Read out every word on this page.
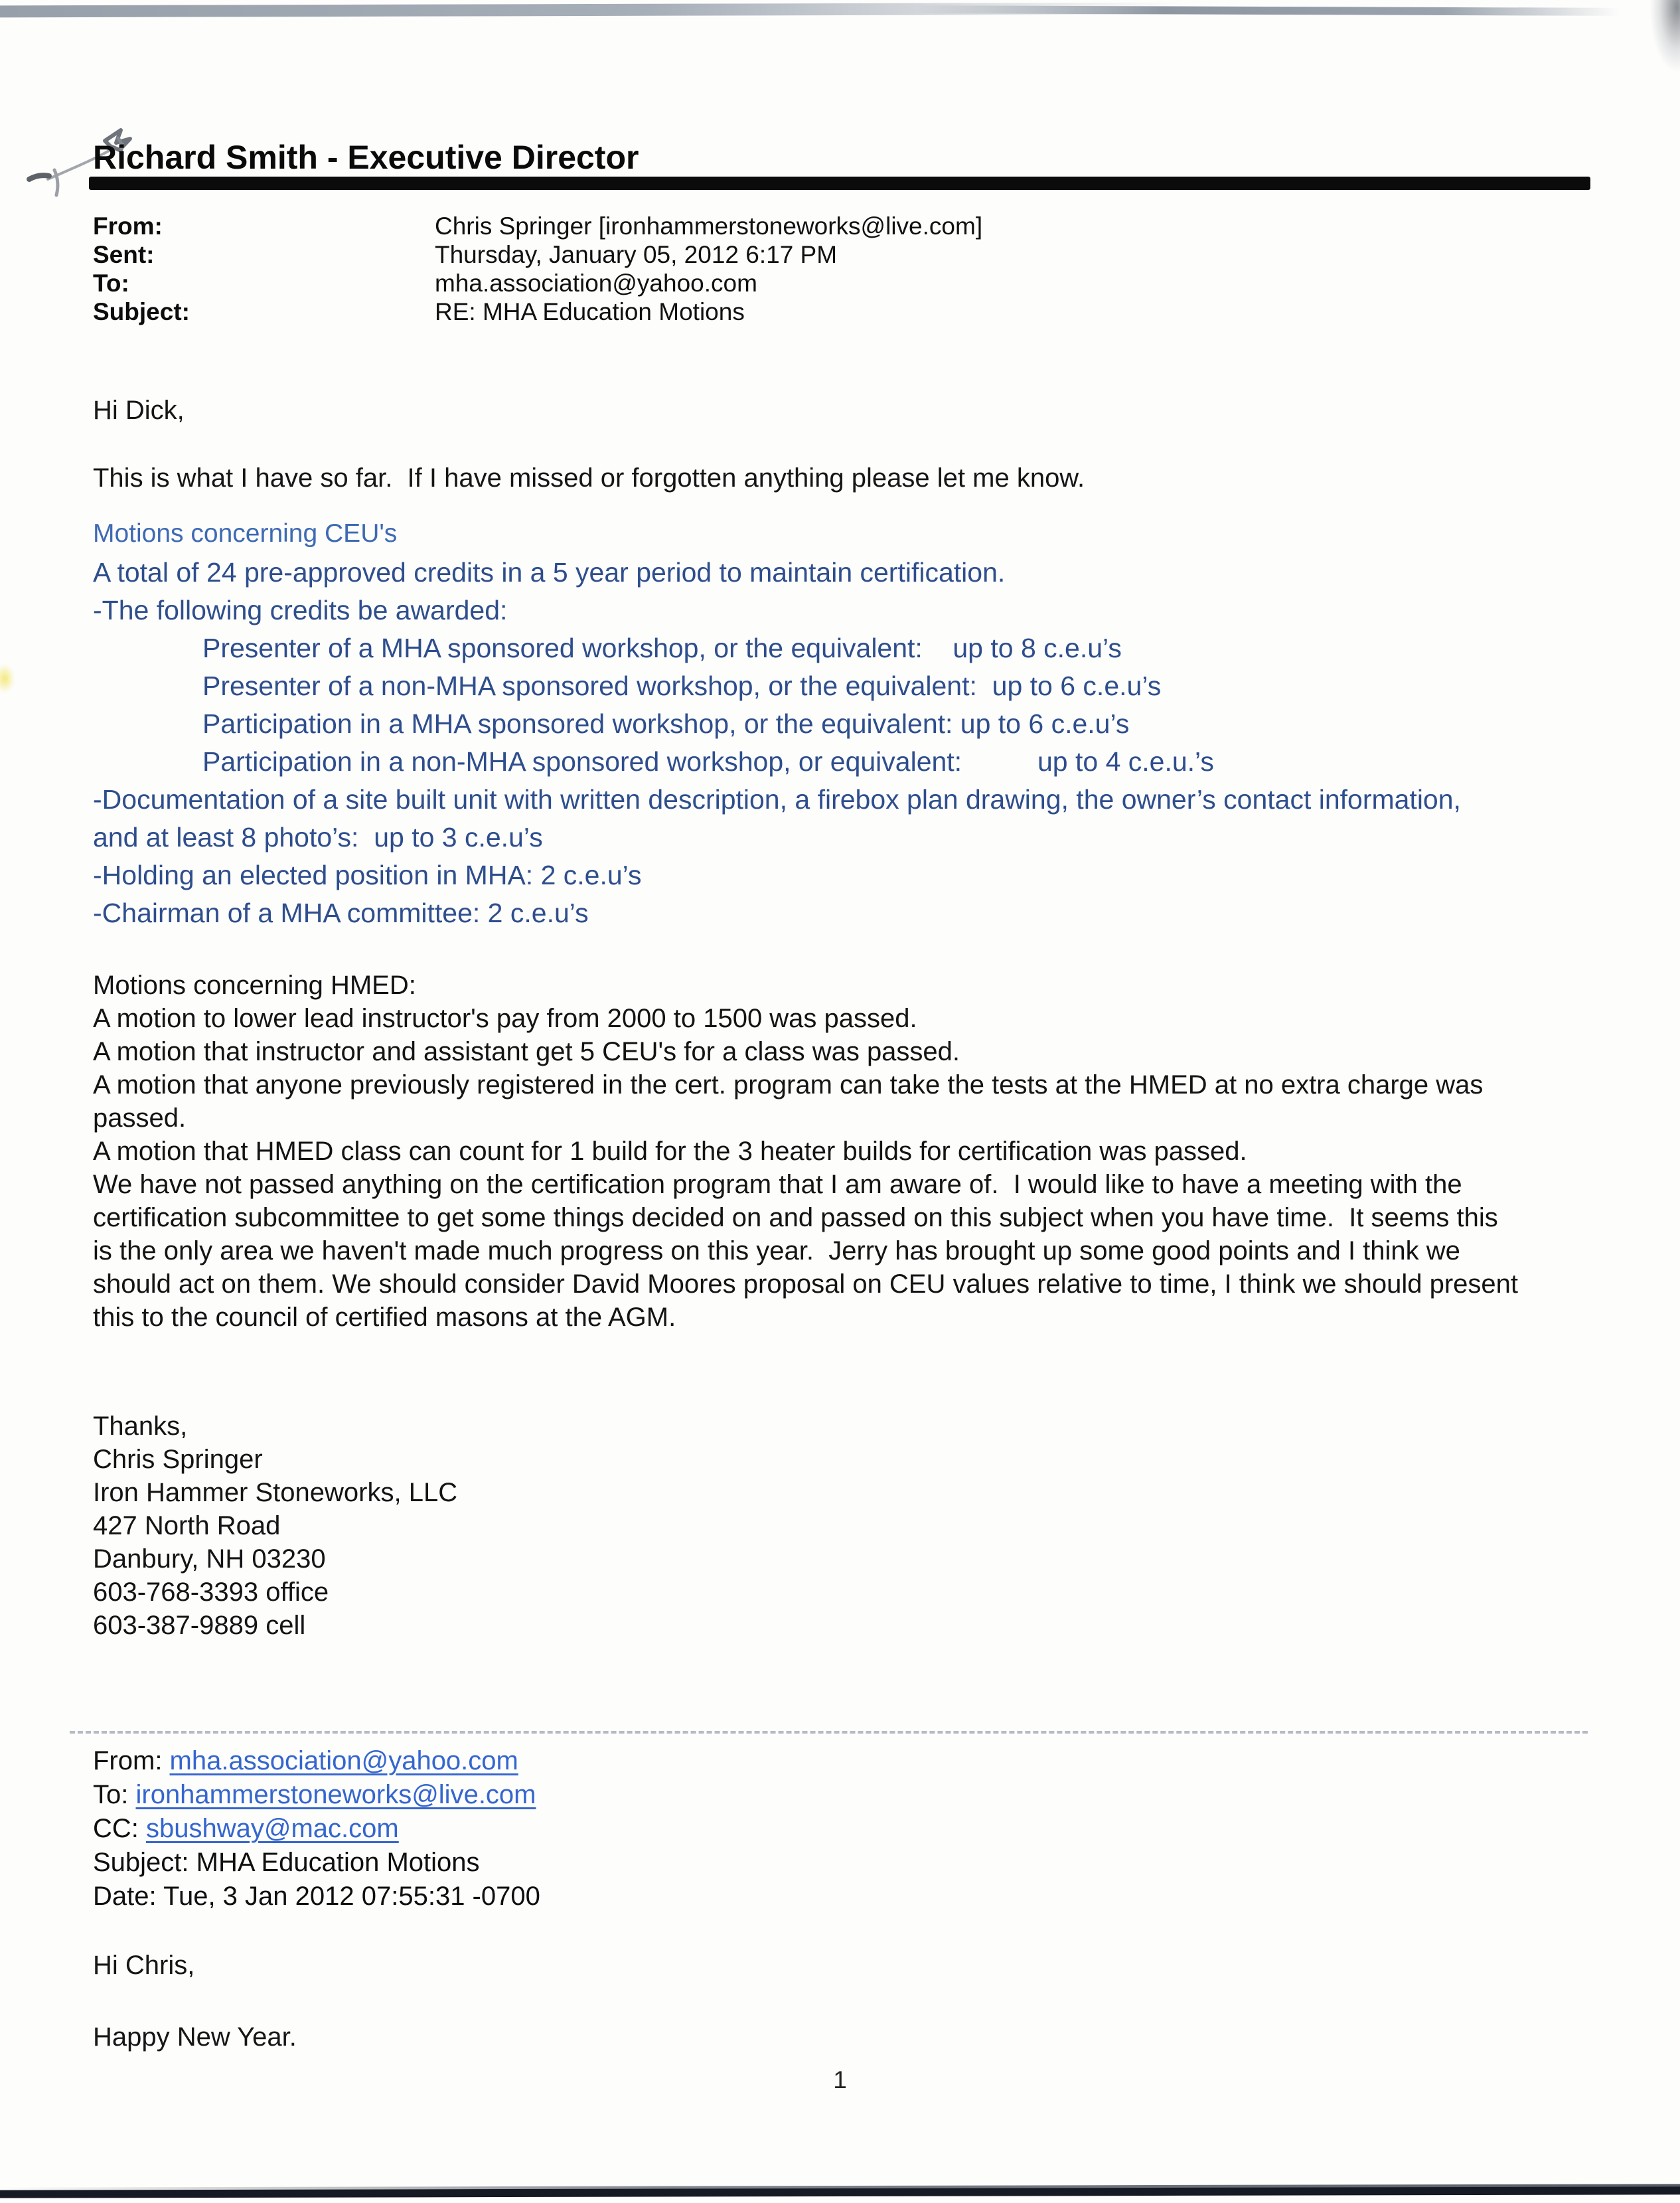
Richard Smith - Executive Director
From:	Chris Springer [ironhammerstoneworks@live.com]
Sent:	Thursday, January 05, 2012 6:17 PM
To:	mha.association@yahoo.com
Subject:	RE: MHA Education Motions
Hi Dick,
This is what I have so far.  If I have missed or forgotten anything please let me know.
Motions concerning CEU's
A total of 24 pre-approved credits in a 5 year period to maintain certification.
-The following credits be awarded:
Presenter of a MHA sponsored workshop, or the equivalent:    up to 8 c.e.u’s
Presenter of a non-MHA sponsored workshop, or the equivalent:  up to 6 c.e.u’s
Participation in a MHA sponsored workshop, or the equivalent: up to 6 c.e.u’s
Participation in a non-MHA sponsored workshop, or equivalent:          up to 4 c.e.u.’s
-Documentation of a site built unit with written description, a firebox plan drawing, the owner’s contact information,
and at least 8 photo’s:  up to 3 c.e.u’s
-Holding an elected position in MHA: 2 c.e.u’s
-Chairman of a MHA committee: 2 c.e.u’s
Motions concerning HMED:
A motion to lower lead instructor's pay from 2000 to 1500 was passed.
A motion that instructor and assistant get 5 CEU's for a class was passed.
A motion that anyone previously registered in the cert. program can take the tests at the HMED at no extra charge was
passed.
A motion that HMED class can count for 1 build for the 3 heater builds for certification was passed.
We have not passed anything on the certification program that I am aware of.  I would like to have a meeting with the
certification subcommittee to get some things decided on and passed on this subject when you have time.  It seems this
is the only area we haven't made much progress on this year.  Jerry has brought up some good points and I think we
should act on them. We should consider David Moores proposal on CEU values relative to time, I think we should present
this to the council of certified masons at the AGM.
Thanks,
Chris Springer
Iron Hammer Stoneworks, LLC
427 North Road
Danbury, NH 03230
603-768-3393 office
603-387-9889 cell
From: mha.association@yahoo.com
To: ironhammerstoneworks@live.com
CC: sbushway@mac.com
Subject: MHA Education Motions
Date: Tue, 3 Jan 2012 07:55:31 -0700
Hi Chris,
Happy New Year.
1
